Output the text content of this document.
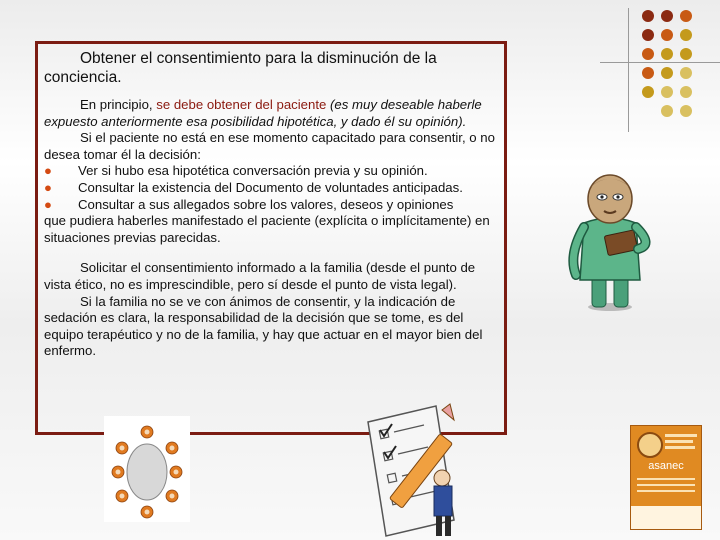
Obtener el consentimiento para la disminución de la conciencia.

En principio, se debe obtener del paciente (es muy deseable haberle expuesto anteriormente esa posibilidad hipotética, y dado él su opinión).

Si el paciente no está en ese momento capacitado para consentir, o no desea tomar él la decisión:

●	Ver si hubo esa hipotética conversación previa y su opinión.
●	Consultar la existencia del Documento de voluntades anticipadas.
●	Consultar a sus allegados sobre los valores, deseos y opiniones

que pudiera haberles manifestado el paciente (explícita o implícitamente) en situaciones previas parecidas.

Solicitar el consentimiento informado a la familia (desde el punto de vista ético, no es imprescindible, pero sí desde el punto de vista legal).

Si la familia no se ve con ánimos de consentir, y la indicación de sedación es clara, la responsabilidad de la decisión que se tome, es del equipo terapéutico y no de la familia, y hay que actuar en el mayor bien del enfermo.

asanec
